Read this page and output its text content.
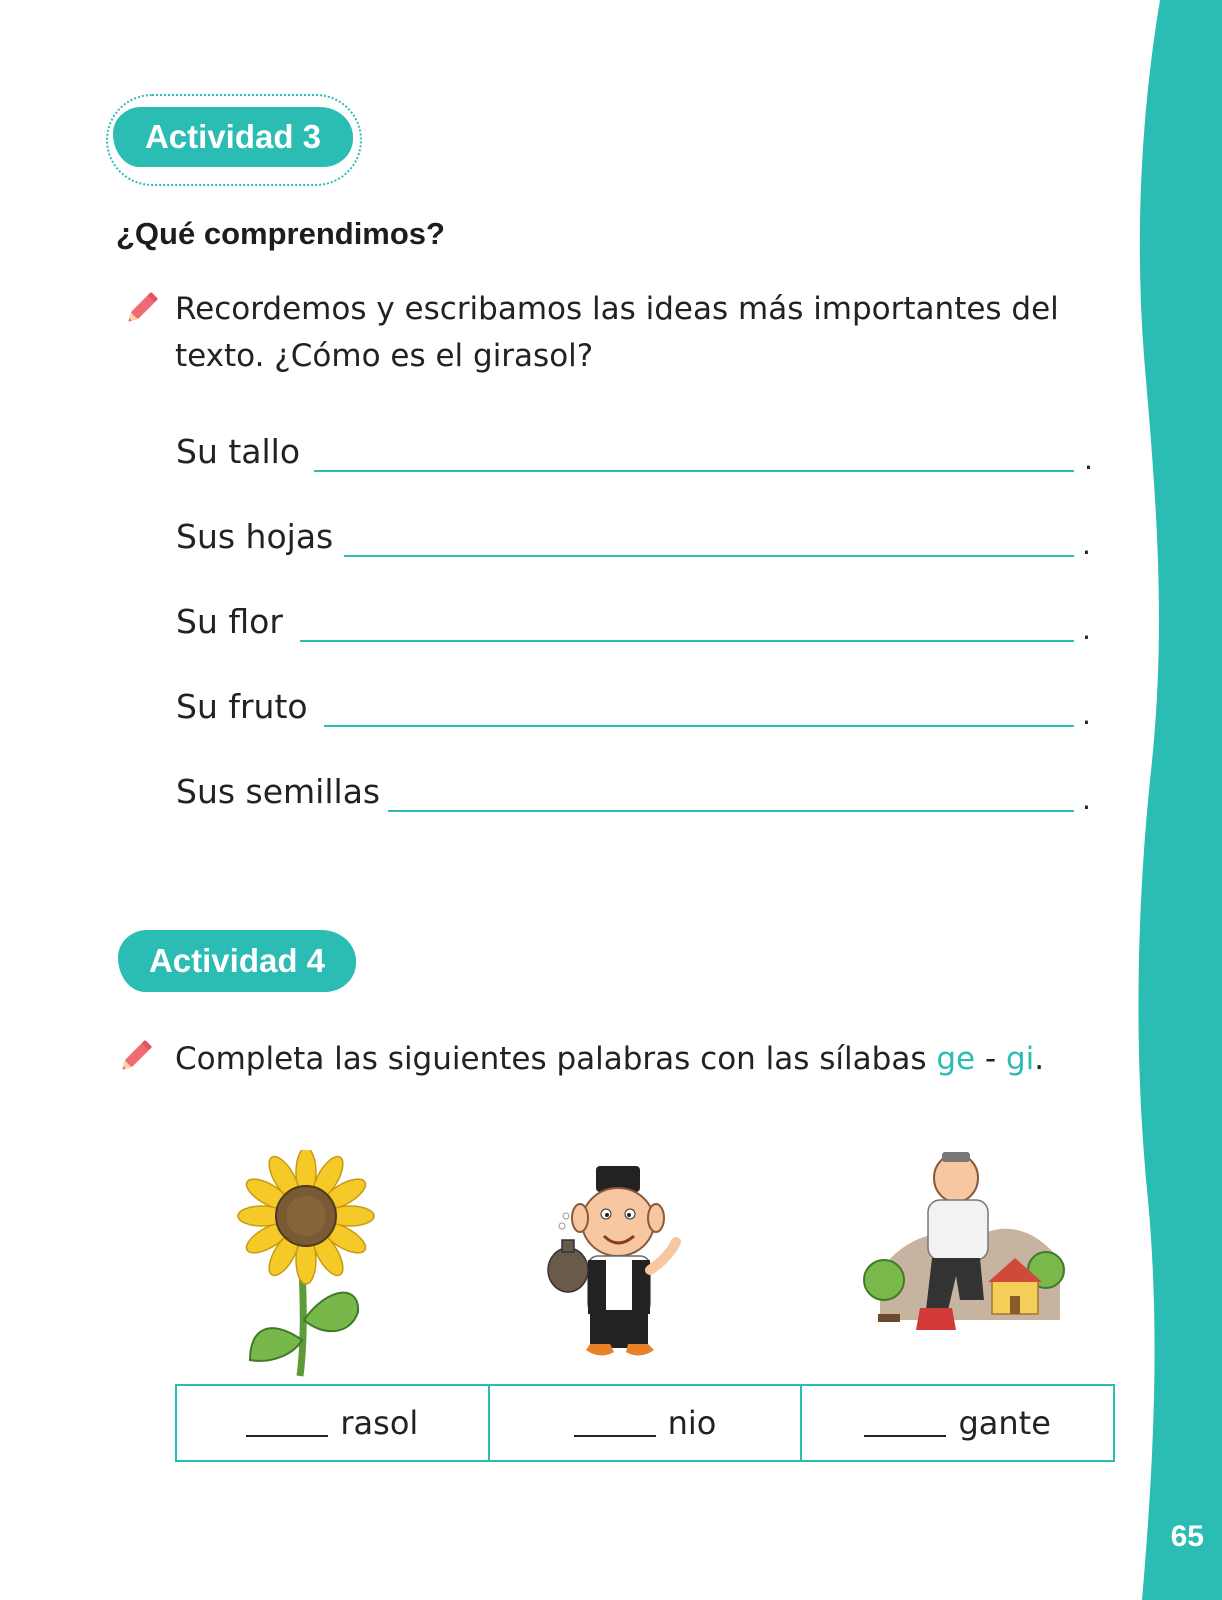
65
Actividad 3
¿Qué comprendimos?
Recordemos y escribamos las ideas más importantes del
texto. ¿Cómo es el girasol?
Su tallo	.
Sus hojas	.
Su flor	.
Su fruto	.
Sus semillas	.
Actividad 4
Completa las siguientes palabras con las sílabas ge - gi.
rasol	nio	gante
